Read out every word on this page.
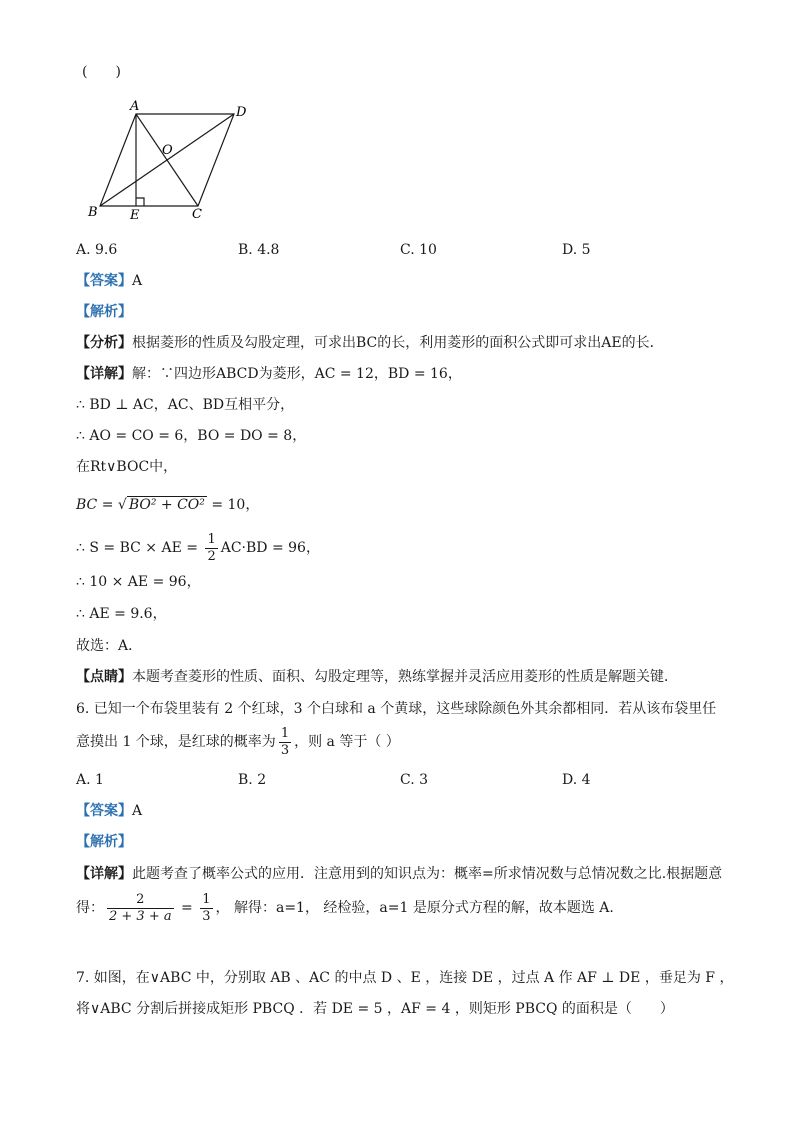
(　　)
A	D
O
B E	C
A. 9.6	B. 4.8	C. 10	D. 5
【答案】A
【解析】
【分析】根据菱形的性质及勾股定理，可求出BC的长，利用菱形的面积公式即可求出AE的长．
【详解】解：∵四边形ABCD为菱形，AC = 12，BD = 16，
∴ BD ⊥ AC，AC、BD互相平分，
∴ AO = CO = 6，BO = DO = 8，
在Rt∨BOC中，
BC = √ BO² + CO² = 10，
∴ S = BC × AE = $\frac{1}{2} AC\cdot BD = 96$，
∴ 10 × AE = 96，
∴ AE = 9.6，
故选：A．
【点睛】本题考查菱形的性质、面积、勾股定理等，熟练掌握并灵活应用菱形的性质是解题关键．
6. 已知一个布袋里装有 2 个红球，3 个白球和 a 个黄球，这些球除颜色外其余都相同．若从该布袋里任
意摸出 1 个球，是红球的概率为 $\frac{1}{3}$ ，则 a 等于（ ）
A. 1	B. 2	C. 3	D. 4
【答案】A
【解析】
【详解】此题考查了概率公式的应用．注意用到的知识点为：概率=所求情况数与总情况数之比.根据题意
得： $\frac{2}{2 + 3 + a} = \frac{1}{3}$ ， 解得：a=1， 经检验，a=1 是原分式方程的解，故本题选 A.
7. 如图，在∨ABC 中，分别取 AB 、AC 的中点 D 、E ，连接 DE ，过点 A 作 AF ⊥ DE ，垂足为 F ，
将∨ABC 分割后拼接成矩形 PBCQ ．若 DE = 5 ，AF = 4 ，则矩形 PBCQ 的面积是（　　）
